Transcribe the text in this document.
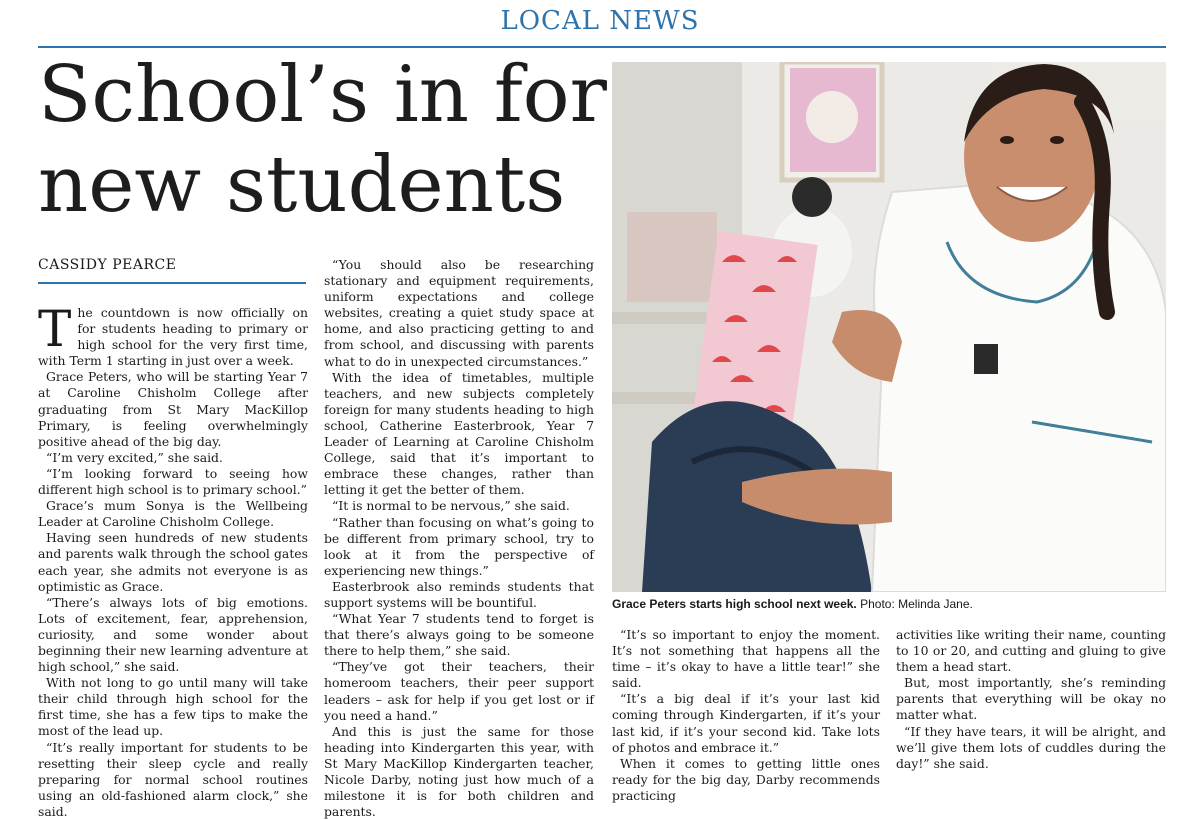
LOCAL NEWS
School’s in for new students
CASSIDY PEARCE

The countdown is now officially on for students heading to primary or high school for the very first time, with Term 1 starting in just over a week.

Grace Peters, who will be starting Year 7 at Caroline Chisholm College after graduating from St Mary MacKillop Primary, is feeling overwhelmingly positive ahead of the big day.

“I’m very excited,” she said.

“I’m looking forward to seeing how different high school is to primary school.”

Grace’s mum Sonya is the Wellbeing Leader at Caroline Chisholm College.

Having seen hundreds of new students and parents walk through the school gates each year, she admits not everyone is as optimistic as Grace.

“There’s always lots of big emotions. Lots of excitement, fear, apprehension, curiosity, and some wonder about beginning their new learning adventure at high school,” she said.

With not long to go until many will take their child through high school for the first time, she has a few tips to make the most of the lead up.

“It’s really important for students to be resetting their sleep cycle and really preparing for normal school routines using an old-fashioned alarm clock,” she said.

“You should also be researching stationary and equipment requirements, uniform expectations and college websites, creating a quiet study space at home, and also practicing getting to and from school, and discussing with parents what to do in unexpected circumstances.”

With the idea of timetables, multiple teachers, and new subjects completely foreign for many students heading to high school, Catherine Easterbrook, Year 7 Leader of Learning at Caroline Chisholm College, said that it’s important to embrace these changes, rather than letting it get the better of them.

“It is normal to be nervous,” she said.

“Rather than focusing on what’s going to be different from primary school, try to look at it from the perspective of experiencing new things.”

Easterbrook also reminds students that support systems will be bountiful.

“What Year 7 students tend to forget is that there’s always going to be someone there to help them,” she said.

“They’ve got their teachers, their homeroom teachers, their peer support leaders – ask for help if you get lost or if you need a hand.”

And this is just the same for those heading into Kindergarten this year, with St Mary MacKillop Kindergarten teacher, Nicole Darby, noting just how much of a milestone it is for both children and parents.

Grace Peters starts high school next week. Photo: Melinda Jane.

“It’s so important to enjoy the moment. It’s not something that happens all the time – it’s okay to have a little tear!” she said.

“It’s a big deal if it’s your last kid coming through Kindergarten, if it’s your last kid, if it’s your second kid. Take lots of photos and embrace it.”

When it comes to getting little ones ready for the big day, Darby recommends practicing

activities like writing their name, counting to 10 or 20, and cutting and gluing to give them a head start.

But, most importantly, she’s reminding parents that everything will be okay no matter what.

“If they have tears, it will be alright, and we’ll give them lots of cuddles during the day!” she said.
